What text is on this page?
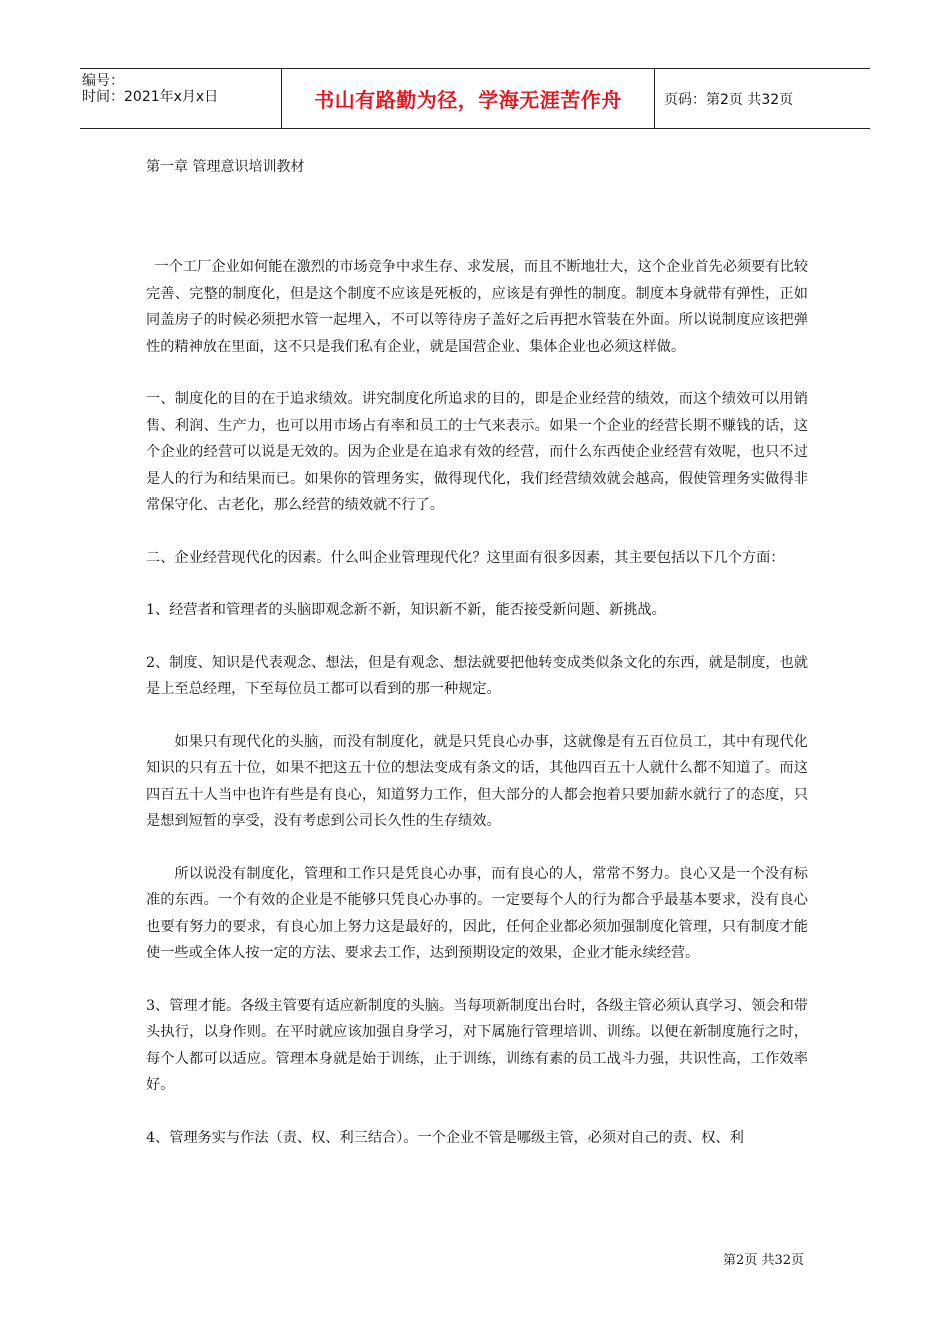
编号：
时间：2021年x月x日	书山有路勤为径，学海无涯苦作舟	页码：第2页 共32页
第一章 管理意识培训教材

一个工厂企业如何能在激烈的市场竞争中求生存、求发展，而且不断地壮大，这个企业首先必须要有比较完善、完整的制度化，但是这个制度不应该是死板的，应该是有弹性的制度。制度本身就带有弹性，正如同盖房子的时候必须把水管一起埋入，不可以等待房子盖好之后再把水管装在外面。所以说制度应该把弹性的精神放在里面，这不只是我们私有企业，就是国营企业、集体企业也必须这样做。

一、制度化的目的在于追求绩效。讲究制度化所追求的目的，即是企业经营的绩效，而这个绩效可以用销售、利润、生产力，也可以用市场占有率和员工的士气来表示。如果一个企业的经营长期不赚钱的话，这个企业的经营可以说是无效的。因为企业是在追求有效的经营，而什么东西使企业经营有效呢，也只不过是人的行为和结果而已。如果你的管理务实，做得现代化，我们经营绩效就会越高，假使管理务实做得非常保守化、古老化，那么经营的绩效就不行了。

二、企业经营现代化的因素。什么叫企业管理现代化？这里面有很多因素，其主要包括以下几个方面：

1、经营者和管理者的头脑即观念新不新，知识新不新，能否接受新问题、新挑战。

2、制度、知识是代表观念、想法，但是有观念、想法就要把他转变成类似条文化的东西，就是制度，也就是上至总经理，下至每位员工都可以看到的那一种规定。

如果只有现代化的头脑，而没有制度化，就是只凭良心办事，这就像是有五百位员工，其中有现代化知识的只有五十位，如果不把这五十位的想法变成有条文的话，其他四百五十人就什么都不知道了。而这四百五十人当中也许有些是有良心，知道努力工作，但大部分的人都会抱着只要加薪水就行了的态度，只是想到短暂的享受，没有考虑到公司长久性的生存绩效。

所以说没有制度化，管理和工作只是凭良心办事，而有良心的人，常常不努力。良心又是一个没有标准的东西。一个有效的企业是不能够只凭良心办事的。一定要每个人的行为都合乎最基本要求，没有良心也要有努力的要求，有良心加上努力这是最好的，因此，任何企业都必须加强制度化管理，只有制度才能使一些或全体人按一定的方法、要求去工作，达到预期设定的效果，企业才能永续经营。

3、管理才能。各级主管要有适应新制度的头脑。当每项新制度出台时，各级主管必须认真学习、领会和带头执行，以身作则。在平时就应该加强自身学习，对下属施行管理培训、训练。以便在新制度施行之时，每个人都可以适应。管理本身就是始于训练，止于训练，训练有素的员工战斗力强，共识性高，工作效率好。

4、管理务实与作法（责、权、利三结合）。一个企业不管是哪级主管，必须对自己的责、权、利

第2页 共32页
